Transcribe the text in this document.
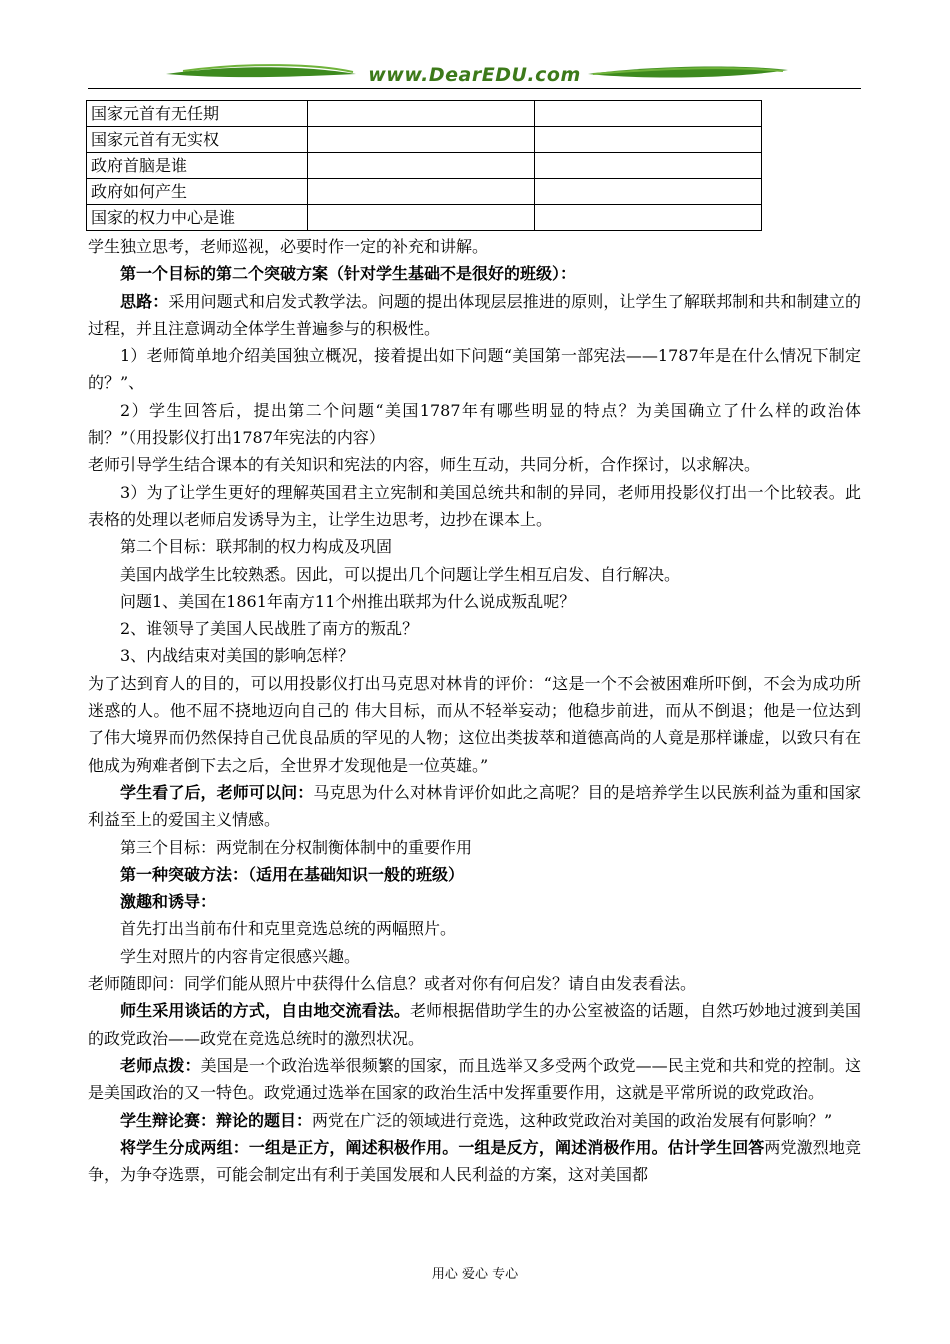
www.DearEDU.com
国家元首有无任期		
国家元首有无实权		
政府首脑是谁		
政府如何产生		
国家的权力中心是谁		

学生独立思考，老师巡视，必要时作一定的补充和讲解。

第一个目标的第二个突破方案（针对学生基础不是很好的班级）：

思路：采用问题式和启发式教学法。问题的提出体现层层推进的原则，让学生了解联邦制和共和制建立的过程，并且注意调动全体学生普遍参与的积极性。

1）老师简单地介绍美国独立概况，接着提出如下问题“美国第一部宪法——1787年是在什么情况下制定的？”、

2）学生回答后，提出第二个问题“美国1787年有哪些明显的特点？为美国确立了什么样的政治体制？”（用投影仪打出1787年宪法的内容）

老师引导学生结合课本的有关知识和宪法的内容，师生互动，共同分析，合作探讨，以求解决。

3）为了让学生更好的理解英国君主立宪制和美国总统共和制的异同，老师用投影仪打出一个比较表。此表格的处理以老师启发诱导为主，让学生边思考，边抄在课本上。

第二个目标：联邦制的权力构成及巩固

美国内战学生比较熟悉。因此，可以提出几个问题让学生相互启发、自行解决。

问题1、美国在1861年南方11个州推出联邦为什么说成叛乱呢？

2、谁领导了美国人民战胜了南方的叛乱？

3、内战结束对美国的影响怎样？

为了达到育人的目的，可以用投影仪打出马克思对林肯的评价：“这是一个不会被困难所吓倒，不会为成功所迷惑的人。他不屈不挠地迈向自己的 伟大目标，而从不轻举妄动；他稳步前进，而从不倒退；他是一位达到了伟大境界而仍然保持自己优良品质的罕见的人物；这位出类拔萃和道德高尚的人竟是那样谦虚，以致只有在他成为殉难者倒下去之后，全世界才发现他是一位英雄。”

学生看了后，老师可以问：马克思为什么对林肯评价如此之高呢？目的是培养学生以民族利益为重和国家利益至上的爱国主义情感。

第三个目标：两党制在分权制衡体制中的重要作用

第一种突破方法：（适用在基础知识一般的班级）

激趣和诱导：

首先打出当前布什和克里竞选总统的两幅照片。

学生对照片的内容肯定很感兴趣。

老师随即问：同学们能从照片中获得什么信息？或者对你有何启发？请自由发表看法。

师生采用谈话的方式，自由地交流看法。老师根据借助学生的办公室被盗的话题，自然巧妙地过渡到美国的政党政治——政党在竞选总统时的激烈状况。

老师点拨：美国是一个政治选举很频繁的国家，而且选举又多受两个政党——民主党和共和党的控制。这是美国政治的又一特色。政党通过选举在国家的政治生活中发挥重要作用，这就是平常所说的政党政治。

学生辩论赛：辩论的题目：两党在广泛的领域进行竞选，这种政党政治对美国的政治发展有何影响？”

将学生分成两组：一组是正方，阐述积极作用。一组是反方，阐述消极作用。估计学生回答两党激烈地竞争，为争夺选票，可能会制定出有利于美国发展和人民利益的方案，这对美国都

用心 爱心 专心
